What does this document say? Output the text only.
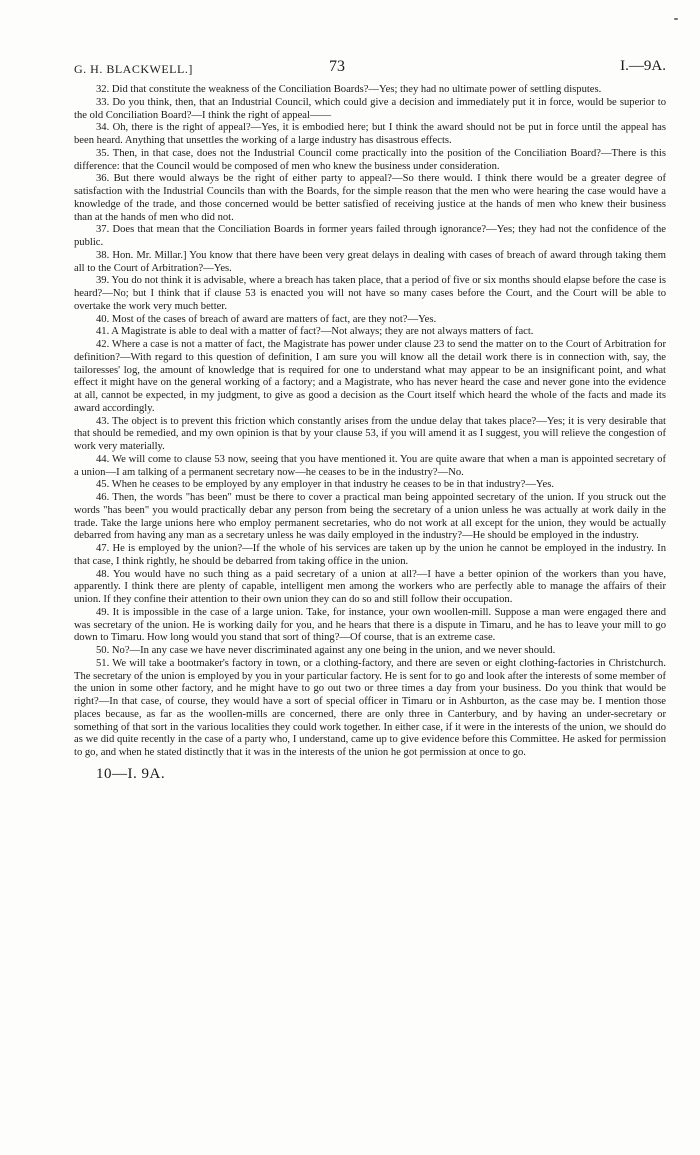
G. H. BLACKWELL.]	73	I.—9A.

32. Did that constitute the weakness of the Conciliation Boards?—Yes; they had no ultimate power of settling disputes.

33. Do you think, then, that an Industrial Council, which could give a decision and immediately put it in force, would be superior to the old Conciliation Board?—I think the right of appeal——

34. Oh, there is the right of appeal?—Yes, it is embodied here; but I think the award should not be put in force until the appeal has been heard. Anything that unsettles the working of a large industry has disastrous effects.

35. Then, in that case, does not the Industrial Council come practically into the position of the Conciliation Board?—There is this difference: that the Council would be composed of men who knew the business under consideration.

36. But there would always be the right of either party to appeal?—So there would. I think there would be a greater degree of satisfaction with the Industrial Councils than with the Boards, for the simple reason that the men who were hearing the case would have a knowledge of the trade, and those concerned would be better satisfied of receiving justice at the hands of men who knew their business than at the hands of men who did not.

37. Does that mean that the Conciliation Boards in former years failed through ignorance?—Yes; they had not the confidence of the public.

38. Hon. Mr. Millar.] You know that there have been very great delays in dealing with cases of breach of award through taking them all to the Court of Arbitration?—Yes.

39. You do not think it is advisable, where a breach has taken place, that a period of five or six months should elapse before the case is heard?—No; but I think that if clause 53 is enacted you will not have so many cases before the Court, and the Court will be able to overtake the work very much better.

40. Most of the cases of breach of award are matters of fact, are they not?—Yes.

41. A Magistrate is able to deal with a matter of fact?—Not always; they are not always matters of fact.

42. Where a case is not a matter of fact, the Magistrate has power under clause 23 to send the matter on to the Court of Arbitration for definition?—With regard to this question of definition, I am sure you will know all the detail work there is in connection with, say, the tailoresses' log, the amount of knowledge that is required for one to understand what may appear to be an insignificant point, and what effect it might have on the general working of a factory; and a Magistrate, who has never heard the case and never gone into the evidence at all, cannot be expected, in my judgment, to give as good a decision as the Court itself which heard the whole of the facts and made its award accordingly.

43. The object is to prevent this friction which constantly arises from the undue delay that takes place?—Yes; it is very desirable that that should be remedied, and my own opinion is that by your clause 53, if you will amend it as I suggest, you will relieve the congestion of work very materially.

44. We will come to clause 53 now, seeing that you have mentioned it. You are quite aware that when a man is appointed secretary of a union—I am talking of a permanent secretary now—he ceases to be in the industry?—No.

45. When he ceases to be employed by any employer in that industry he ceases to be in that industry?—Yes.

46. Then, the words "has been" must be there to cover a practical man being appointed secretary of the union. If you struck out the words "has been" you would practically debar any person from being the secretary of a union unless he was actually at work daily in the trade. Take the large unions here who employ permanent secretaries, who do not work at all except for the union, they would be actually debarred from having any man as a secretary unless he was daily employed in the industry?—He should be employed in the industry.

47. He is employed by the union?—If the whole of his services are taken up by the union he cannot be employed in the industry. In that case, I think rightly, he should be debarred from taking office in the union.

48. You would have no such thing as a paid secretary of a union at all?—I have a better opinion of the workers than you have, apparently. I think there are plenty of capable, intelligent men among the workers who are perfectly able to manage the affairs of their union. If they confine their attention to their own union they can do so and still follow their occupation.

49. It is impossible in the case of a large union. Take, for instance, your own woollen-mill. Suppose a man were engaged there and was secretary of the union. He is working daily for you, and he hears that there is a dispute in Timaru, and he has to leave your mill to go down to Timaru. How long would you stand that sort of thing?—Of course, that is an extreme case.

50. No?—In any case we have never discriminated against any one being in the union, and we never should.

51. We will take a bootmaker's factory in town, or a clothing-factory, and there are seven or eight clothing-factories in Christchurch. The secretary of the union is employed by you in your particular factory. He is sent for to go and look after the interests of some member of the union in some other factory, and he might have to go out two or three times a day from your business. Do you think that would be right?—In that case, of course, they would have a sort of special officer in Timaru or in Ashburton, as the case may be. I mention those places because, as far as the woollen-mills are concerned, there are only three in Canterbury, and by having an under-secretary or something of that sort in the various localities they could work together. In either case, if it were in the interests of the union, we should do as we did quite recently in the case of a party who, I understand, came up to give evidence before this Committee. He asked for permission to go, and when he stated distinctly that it was in the interests of the union he got permission at once to go.

10—I. 9A.
